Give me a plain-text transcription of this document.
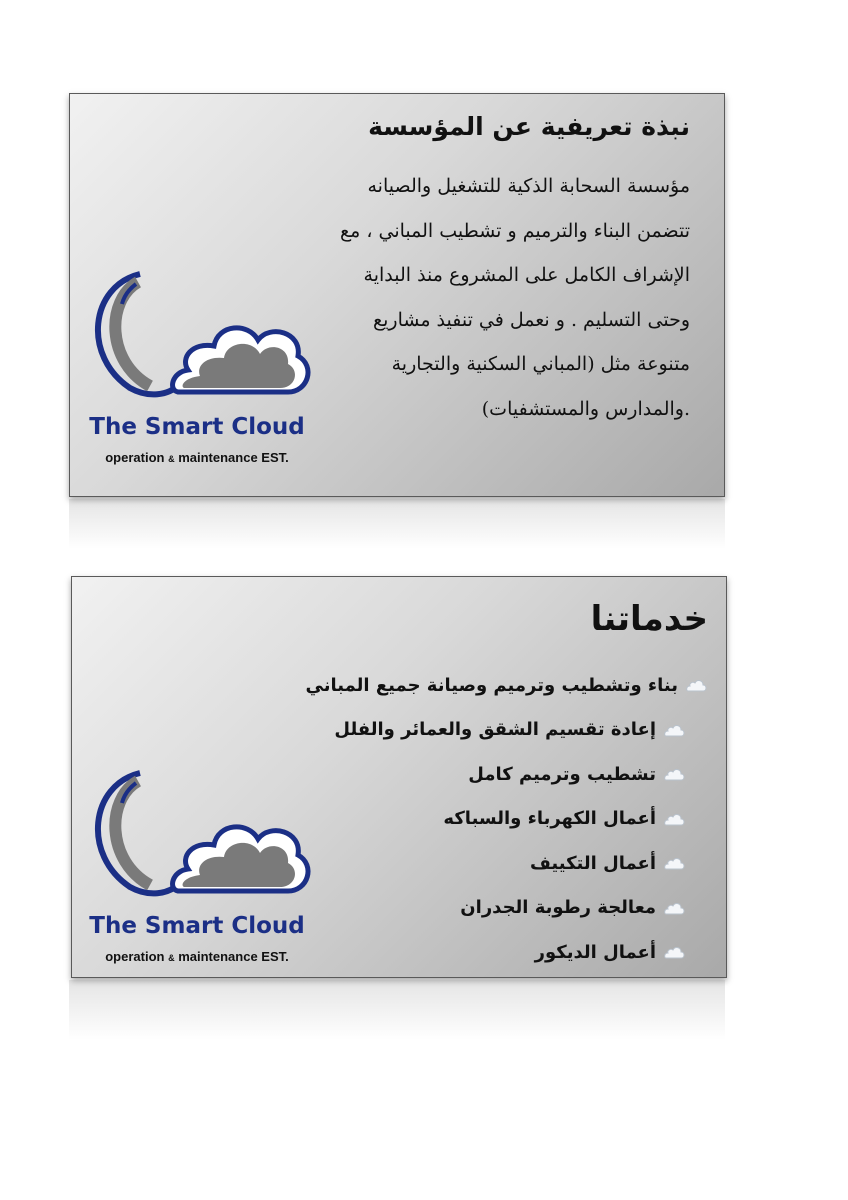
نبذة تعريفية عن المؤسسة
مؤسسة السحابة الذكية للتشغيل والصيانه
تتضمن البناء والترميم و تشطيب المباني ، مع
الإشراف الكامل على المشروع منذ البداية
وحتى التسليم . و نعمل في تنفيذ مشاريع
متنوعة مثل (المباني السكنية والتجارية
.والمدارس والمستشفيات)
The Smart Cloud
operation & maintenance EST.
خدماتنا
بناء وتشطيب وترميم وصيانة جميع المباني
إعادة تقسيم الشقق والعمائر والفلل
تشطيب وترميم كامل
أعمال الكهرباء والسباكه
أعمال التكييف
معالجة رطوبة الجدران
أعمال الديكور
The Smart Cloud
operation & maintenance EST.
